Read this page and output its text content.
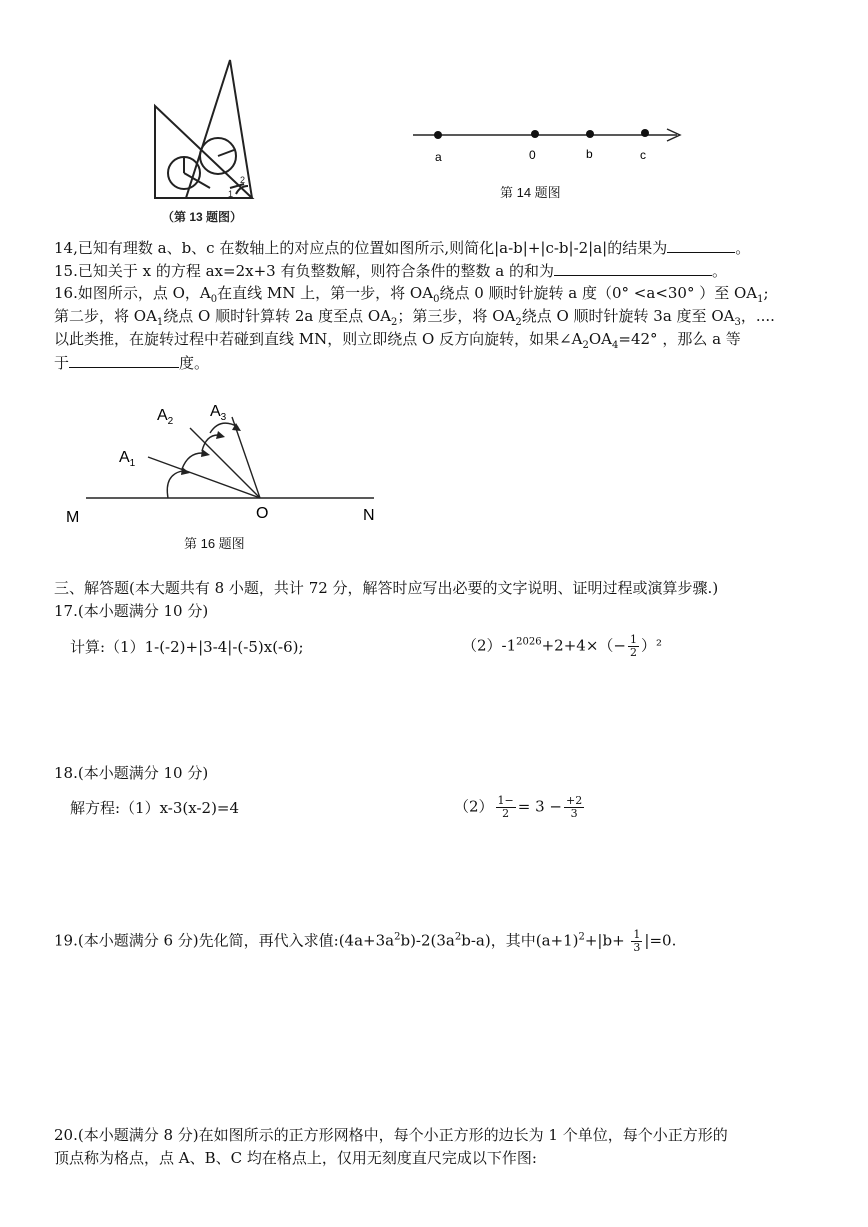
2
1
（第 13 题图）
a	0	b	c
第 14 题图
14,已知有理数 a、b、c 在数轴上的对应点的位置如图所示,则简化|a-b|+|c-b|-2|a|的结果为	。
15.已知关于 x 的方程 ax=2x+3 有负整数解，则符合条件的整数 a 的和为	。
16.如图所示，点 O，$A_0$在直线 MN 上，第一步，将 $OA_0$绕点 0 顺时针旋转 a 度（0° <a<30° ）至 $OA_1$;
第二步，将 $OA_1$绕点 O 顺时针算转 2a 度至点 $OA_2$；第三步，将 $OA_2$绕点 O 顺时针旋转 3a 度至 $OA_3$，....
以此类推，在旋转过程中若碰到直线 MN，则立即绕点 O 反方向旋转，如果$\angle A_2OA_4=42^\circ$ ，那么 a 等
于	度。
M	O	N
$A_1$
$A_2$
$A_3$
第 16 题图
三、解答题(本大题共有 8 小题，共计 72 分，解答时应写出必要的文字说明、证明过程或演算步骤.)
17.(本小题满分 10 分)
计算:（1）1-(-2)+|3-4|-(-5)x(-6);	$(2)-1^{2026}+2+4\times(- \frac{1}{2} )^2$
18.(本小题满分 10 分)
解方程:（1）x-3(x-2)=4	$(2) \frac{1-}{2} = 3 - \frac{+2}{3}$
19.(本小题满分 6 分)先化简，再代入求值$:(4a+3a^2b)-2(3a^2b-a)$，其中$(a+1)^2+|b+ \frac{1}{3} |=0$.
20.(本小题满分 8 分)在如图所示的正方形网格中，每个小正方形的边长为 1 个单位，每个小正方形的
顶点称为格点，点 A、B、C 均在格点上，仅用无刻度直尺完成以下作图:
